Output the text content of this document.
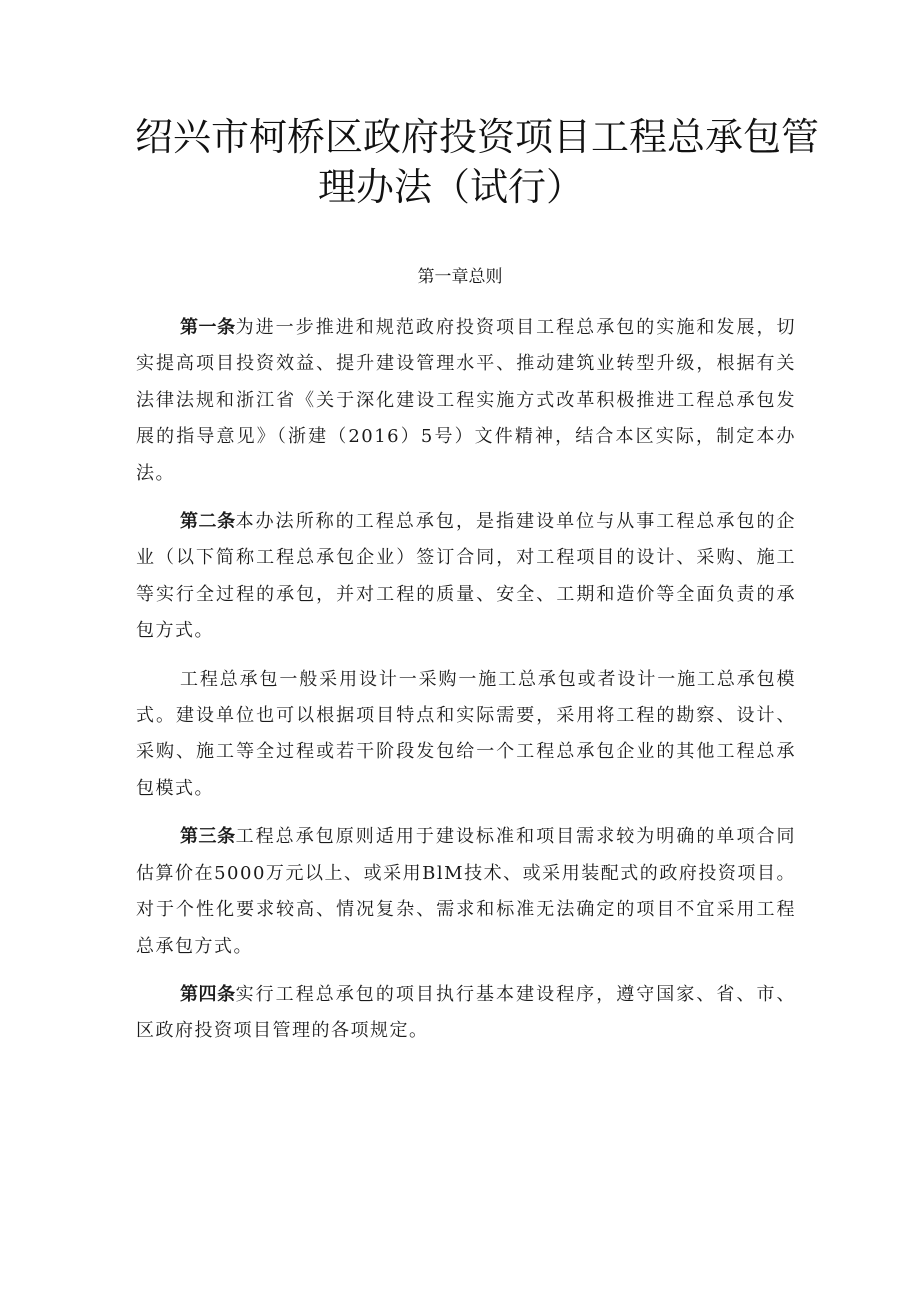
绍兴市柯桥区政府投资项目工程总承包管
理办法（试行）
第一章总则

第一条为进一步推进和规范政府投资项目工程总承包的实施和发展，切实提高项目投资效益、提升建设管理水平、推动建筑业转型升级，根据有关法律法规和浙江省《关于深化建设工程实施方式改革积极推进工程总承包发展的指导意见》（浙建（2016）5号）文件精神，结合本区实际，制定本办法。

第二条本办法所称的工程总承包，是指建设单位与从事工程总承包的企业（以下简称工程总承包企业）签订合同，对工程项目的设计、采购、施工等实行全过程的承包，并对工程的质量、安全、工期和造价等全面负责的承包方式。

工程总承包一般采用设计一采购一施工总承包或者设计一施工总承包模式。建设单位也可以根据项目特点和实际需要，采用将工程的勘察、设计、采购、施工等全过程或若干阶段发包给一个工程总承包企业的其他工程总承包模式。

第三条工程总承包原则适用于建设标准和项目需求较为明确的单项合同估算价在5000万元以上、或采用BlM技术、或采用装配式的政府投资项目。对于个性化要求较高、情况复杂、需求和标准无法确定的项目不宜采用工程总承包方式。

第四条实行工程总承包的项目执行基本建设程序，遵守国家、省、市、区政府投资项目管理的各项规定。
